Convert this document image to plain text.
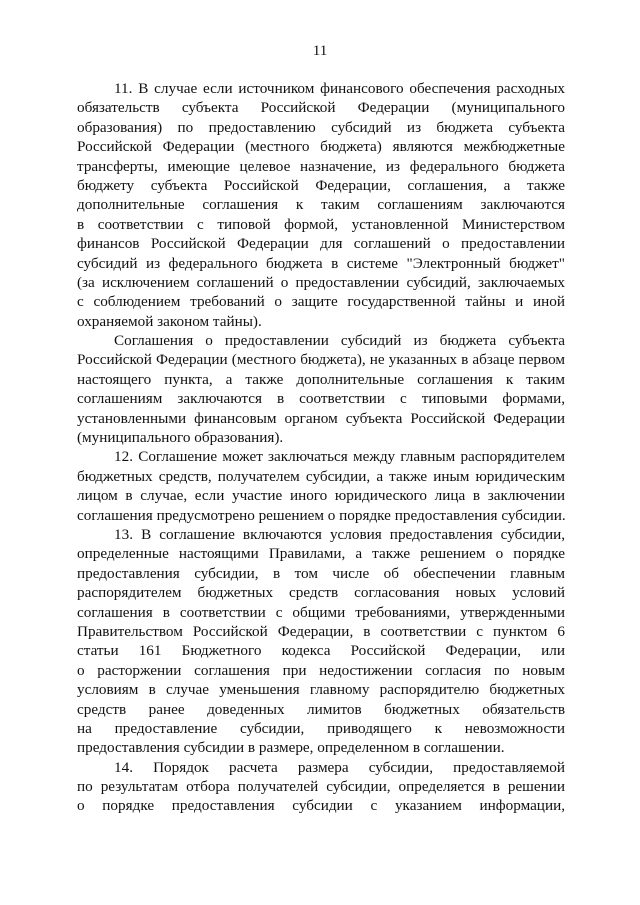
11
11. В случае если источником финансового обеспечения расходных
обязательств субъекта Российской Федерации (муниципального
образования) по предоставлению субсидий из бюджета субъекта
Российской Федерации (местного бюджета) являются межбюджетные
трансферты, имеющие целевое назначение, из федерального бюджета
бюджету субъекта Российской Федерации, соглашения, а также
дополнительные соглашения к таким соглашениям заключаются
в соответствии с типовой формой, установленной Министерством
финансов Российской Федерации для соглашений о предоставлении
субсидий из федерального бюджета в системе "Электронный бюджет"
(за исключением соглашений о предоставлении субсидий, заключаемых
с соблюдением требований о защите государственной тайны и иной
охраняемой законом тайны).
Соглашения о предоставлении субсидий из бюджета субъекта
Российской Федерации (местного бюджета), не указанных в абзаце первом
настоящего пункта, а также дополнительные соглашения к таким
соглашениям заключаются в соответствии с типовыми формами,
установленными финансовым органом субъекта Российской Федерации
(муниципального образования).
12. Соглашение может заключаться между главным распорядителем
бюджетных средств, получателем субсидии, а также иным юридическим
лицом в случае, если участие иного юридического лица в заключении
соглашения предусмотрено решением о порядке предоставления субсидии.
13. В соглашение включаются условия предоставления субсидии,
определенные настоящими Правилами, а также решением о порядке
предоставления субсидии, в том числе об обеспечении главным
распорядителем бюджетных средств согласования новых условий
соглашения в соответствии с общими требованиями, утвержденными
Правительством Российской Федерации, в соответствии с пунктом 6
статьи 161 Бюджетного кодекса Российской Федерации, или
о расторжении соглашения при недостижении согласия по новым
условиям в случае уменьшения главному распорядителю бюджетных
средств ранее доведенных лимитов бюджетных обязательств
на предоставление субсидии, приводящего к невозможности
предоставления субсидии в размере, определенном в соглашении.
14. Порядок расчета размера субсидии, предоставляемой
по результатам отбора получателей субсидии, определяется в решении
о порядке предоставления субсидии с указанием информации,
